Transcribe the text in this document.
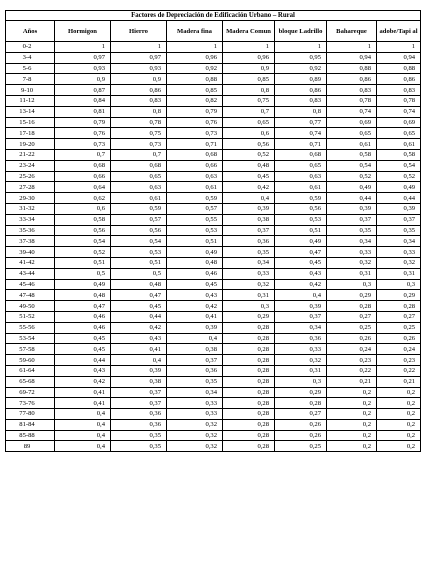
Factores de Depreciación de Edificación Urbano – Rural							
Años	Hormigon	Hierro	Madera fina	Madera Comun	bloque Ladrillo	Bahareque	adobe/Tapi al
0-2	1	1	1	1	1	1	1
3-4	0,97	0,97	0,96	0,96	0,95	0,94	0,94
5-6	0,93	0,93	0,92	0,9	0,92	0,88	0,88
7-8	0,9	0,9	0,88	0,85	0,89	0,86	0,86
9-10	0,87	0,86	0,85	0,8	0,86	0,83	0,83
11-12	0,84	0,83	0,82	0,75	0,83	0,78	0,78
13-14	0,81	0,8	0,79	0,7	0,8	0,74	0,74
15-16	0,79	0,78	0,76	0,65	0,77	0,69	0,69
17-18	0,76	0,75	0,73	0,6	0,74	0,65	0,65
19-20	0,73	0,73	0,71	0,56	0,71	0,61	0,61
21-22	0,7	0,7	0,68	0,52	0,68	0,58	0,58
23-24	0,68	0,68	0,66	0,48	0,65	0,54	0,54
25-26	0,66	0,65	0,63	0,45	0,63	0,52	0,52
27-28	0,64	0,63	0,61	0,42	0,61	0,49	0,49
29-30	0,62	0,61	0,59	0,4	0,59	0,44	0,44
31-32	0,6	0,59	0,57	0,39	0,56	0,39	0,39
33-34	0,58	0,57	0,55	0,38	0,53	0,37	0,37
35-36	0,56	0,56	0,53	0,37	0,51	0,35	0,35
37-38	0,54	0,54	0,51	0,36	0,49	0,34	0,34
39-40	0,52	0,53	0,49	0,35	0,47	0,33	0,33
41-42	0,51	0,51	0,48	0,34	0,45	0,32	0,32
43-44	0,5	0,5	0,46	0,33	0,43	0,31	0,31
45-46	0,49	0,48	0,45	0,32	0,42	0,3	0,3
47-48	0,48	0,47	0,43	0,31	0,4	0,29	0,29
49-50	0,47	0,45	0,42	0,3	0,39	0,28	0,28
51-52	0,46	0,44	0,41	0,29	0,37	0,27	0,27
55-56	0,46	0,42	0,39	0,28	0,34	0,25	0,25
53-54	0,45	0,43	0,4	0,28	0,36	0,26	0,26
57-58	0,45	0,41	0,38	0,28	0,33	0,24	0,24
59-60	0,44	0,4	0,37	0,28	0,32	0,23	0,23
61-64	0,43	0,39	0,36	0,28	0,31	0,22	0,22
65-68	0,42	0,38	0,35	0,28	0,3	0,21	0,21
69-72	0,41	0,37	0,34	0,28	0,29	0,2	0,2
73-76	0,41	0,37	0,33	0,28	0,28	0,2	0,2
77-80	0,4	0,36	0,33	0,28	0,27	0,2	0,2
81-84	0,4	0,36	0,32	0,28	0,26	0,2	0,2
85-88	0,4	0,35	0,32	0,28	0,26	0,2	0,2
89	0,4	0,35	0,32	0,28	0,25	0,2	0,2
